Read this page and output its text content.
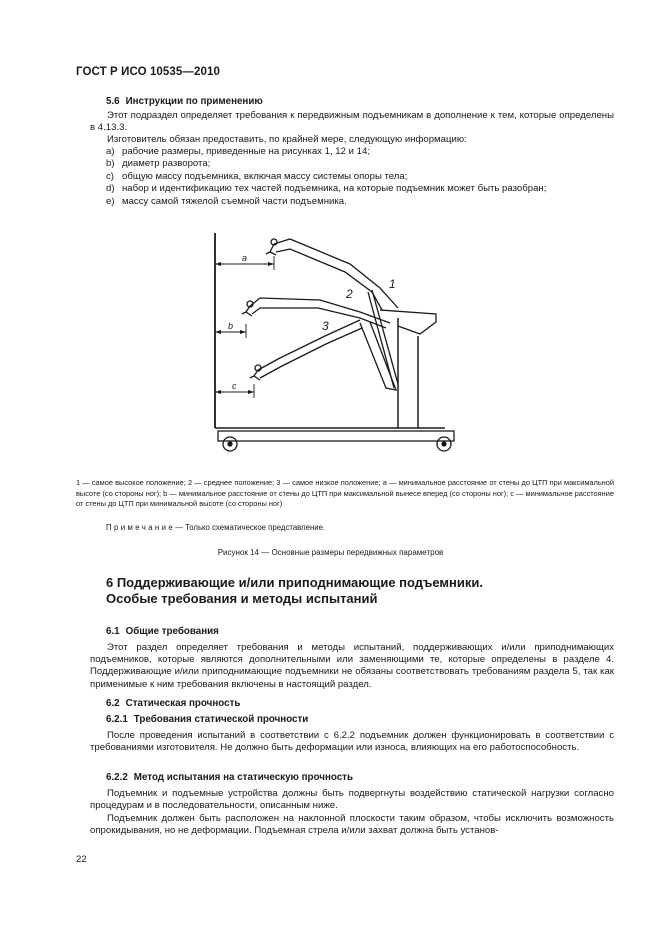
ГОСТ Р ИСО 10535—2010
5.6 Инструкции по применению
Этот подраздел определяет требования к передвижным подъемникам в дополнение к тем, которые определены в 4.13.3.
Изготовитель обязан предоставить, по крайней мере, следующую информацию:
а) рабочие размеры, приведенные на рисунках 1, 12 и 14;
b) диаметр разворота;
c) общую массу подъемника, включая массу системы опоры тела;
d) набор и идентификацию тех частей подъемника, на которые подъемник может быть разобран;
e) массу самой тяжелой съемной части подъемника.
1
2
3
a
b
c
1 — самое высокое положение; 2 — среднее положение; 3 — самое низкое положение; a — минимальное расстояние от стены до ЦТП при максимальной высоте (со стороны ног); b — минимальное расстояние от стены до ЦТП при максимальной вынесе вперед (со стороны ног); c — минимальное расстояние от стены до ЦТП при минимальной высоте (со стороны ног)
Примечание— Только схематическое представление.
Рисунок 14 — Основные размеры передвижных параметров
6 Поддерживающие и/или приподнимающие подъемники.
Особые требования и методы испытаний
6.1 Общие требования
Этот раздел определяет требования и методы испытаний, поддерживающих и/или приподнимающих подъемников, которые являются дополнительными или заменяющими те, которые определены в разделе 4. Поддерживающие и/или приподнимающие подъемники не обязаны соответствовать требованиям раздела 5, так как применимые к ним требования включены в настоящий раздел.
6.2 Статическая прочность
6.2.1 Требования статической прочности
После проведения испытаний в соответствии с 6.2.2 подъемник должен функционировать в соответствии с требованиями изготовителя. Не должно быть деформации или износа, влияющих на его работоспособность.
6.2.2 Метод испытания на статическую прочность
Подъемник и подъемные устройства должны быть подвергнуты воздействию статической нагрузки согласно процедурам и в последовательности, описанным ниже.
Подъемник должен быть расположен на наклонной плоскости таким образом, чтобы исключить возможность опрокидывания, но не деформации. Подъемная стрела и/или захват должна быть установ-
22
